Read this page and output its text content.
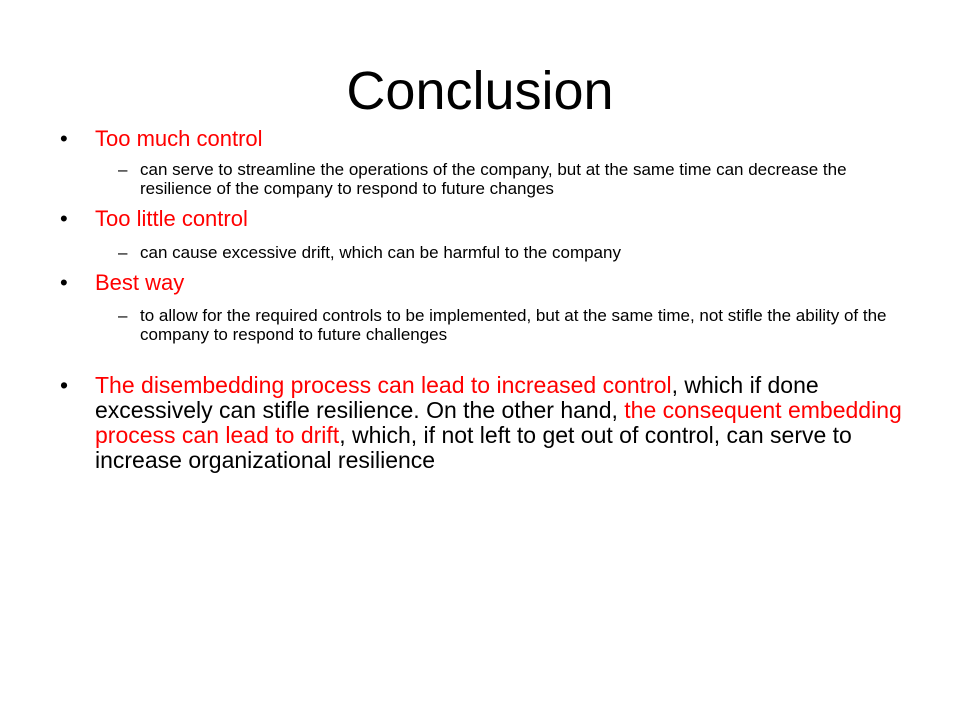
Conclusion
• Too much control
– can serve to streamline the operations of the company, but at the same time can decrease the resilience of the company to respond to future changes
• Too little control
– can cause excessive drift, which can be harmful to the company
• Best way
– to allow for the required controls to be implemented, but at the same time, not stifle the ability of the company to respond to future challenges
• The disembedding process can lead to increased control, which if done excessively can stifle resilience. On the other hand, the consequent embedding process can lead to drift, which, if not left to get out of control, can serve to increase organizational resilience
